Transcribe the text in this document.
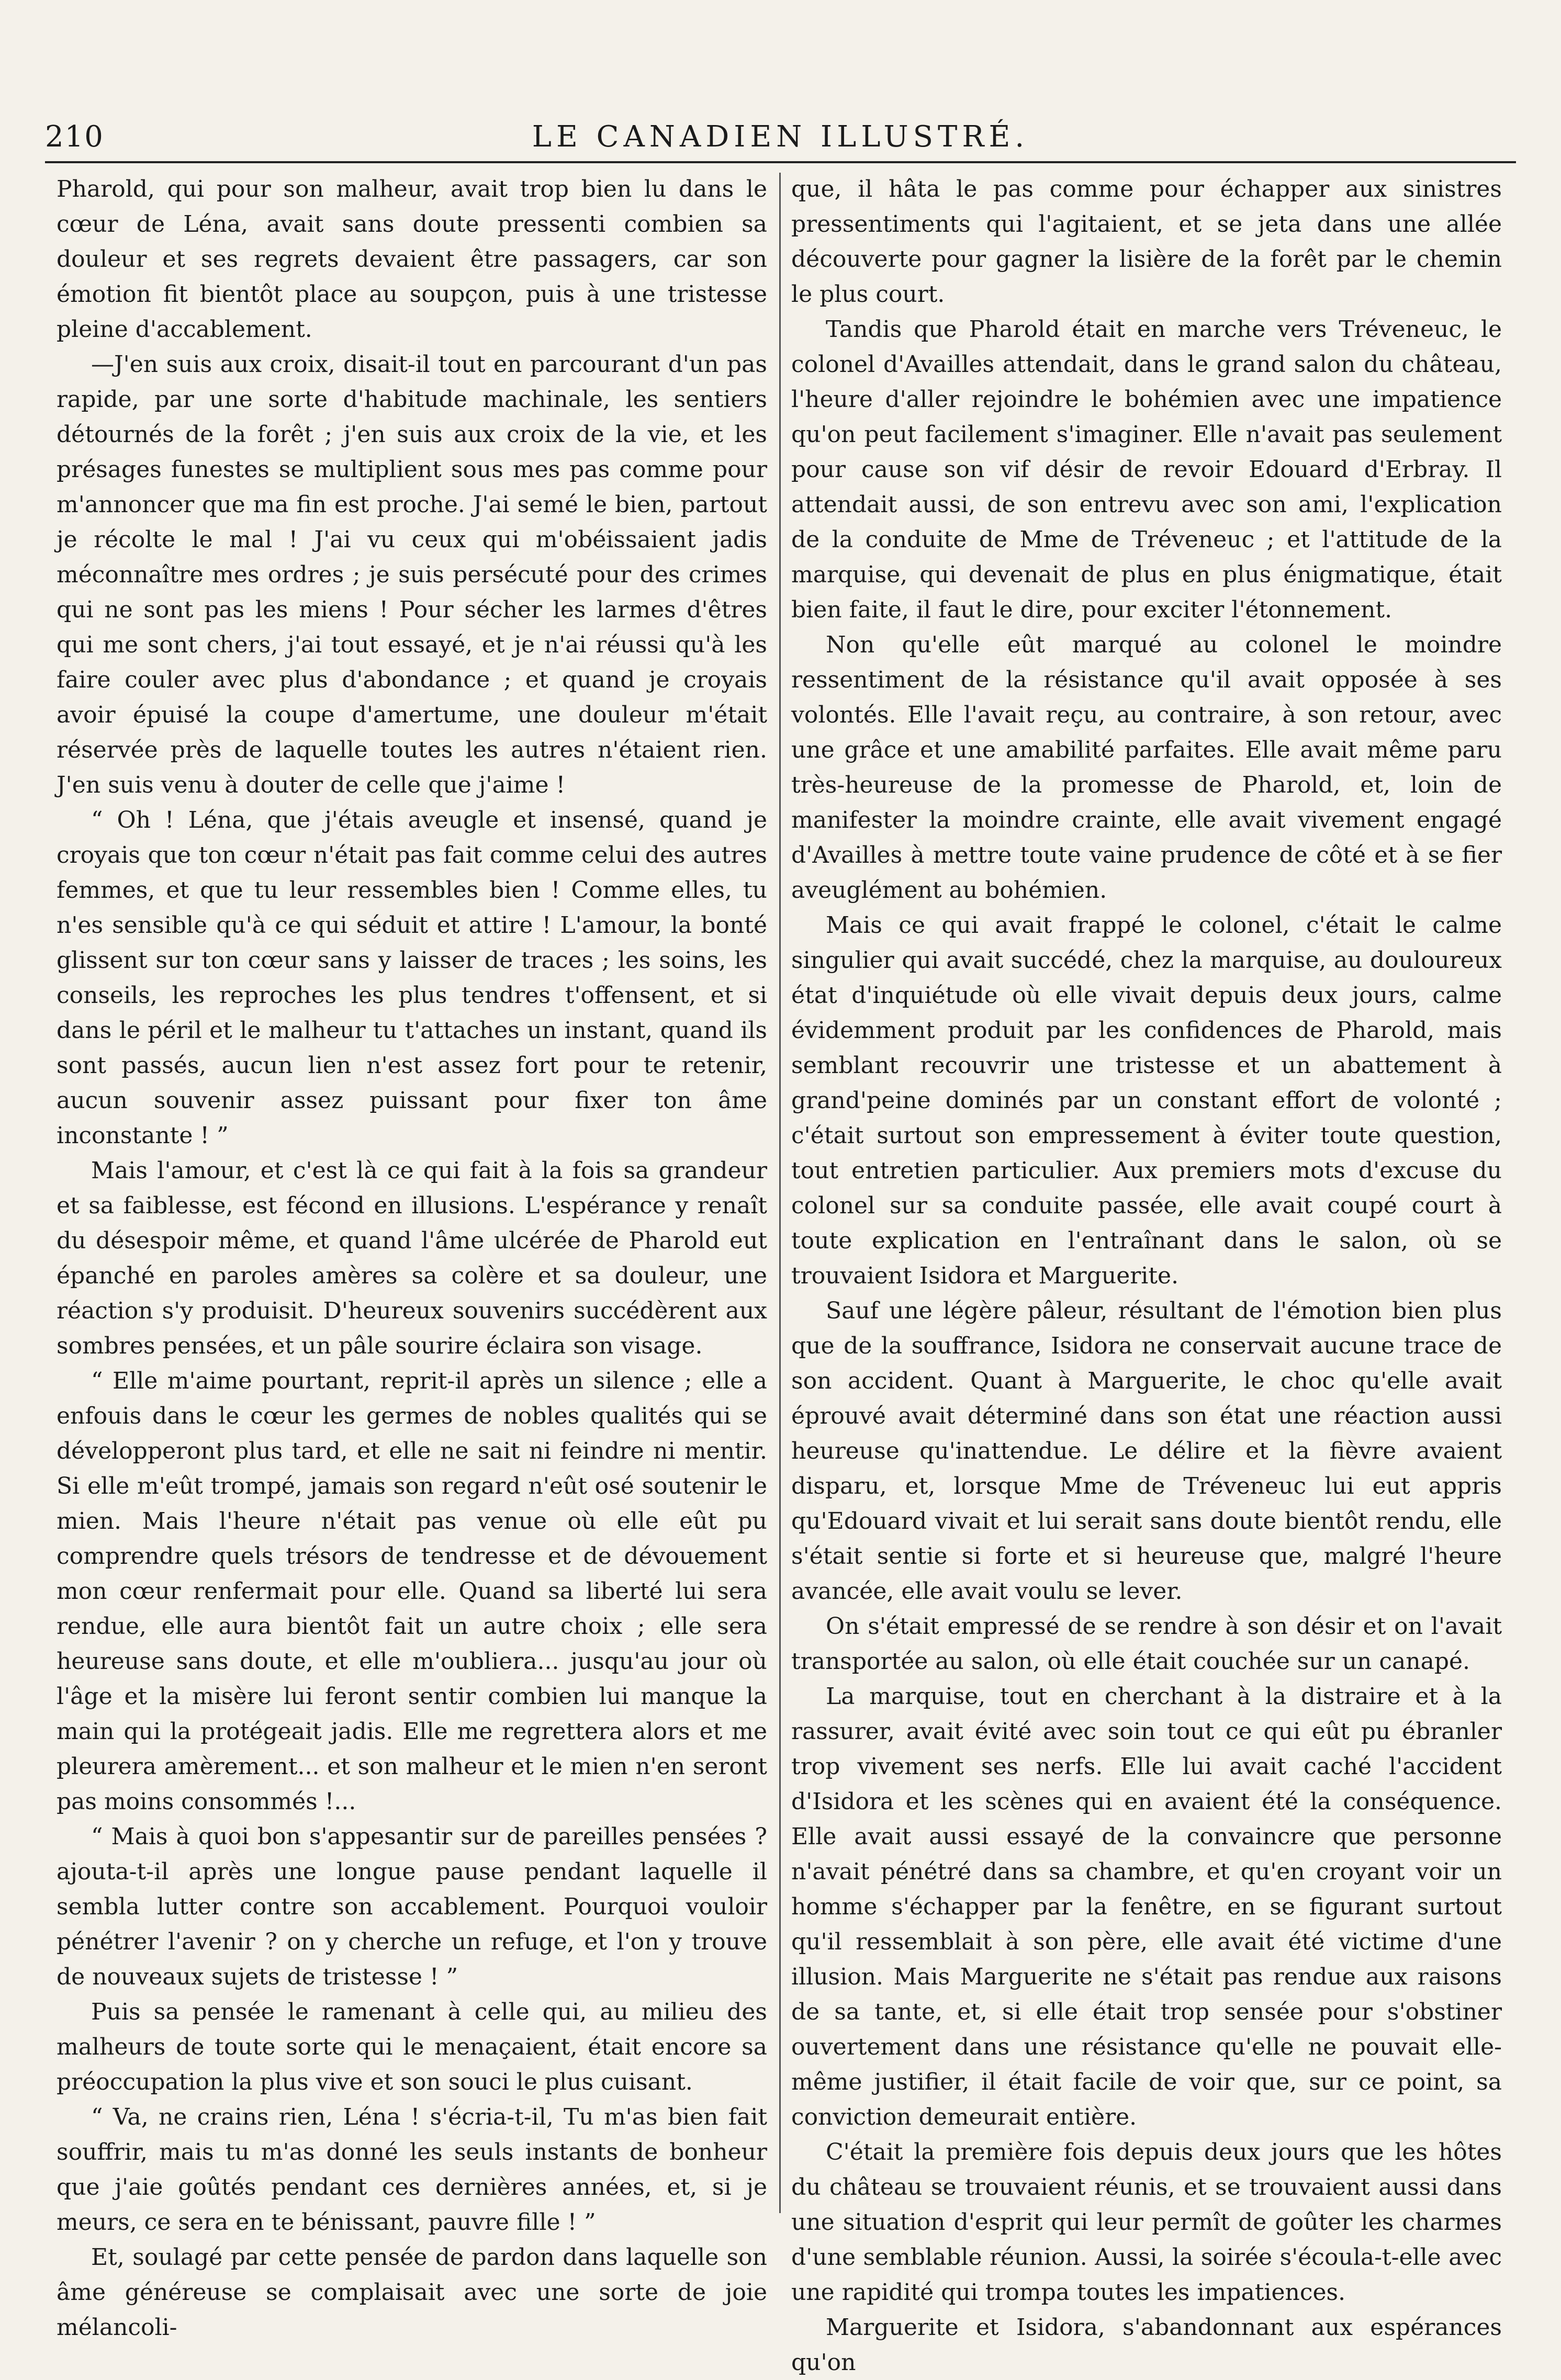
210	LE CANADIEN ILLUSTRÉ.

Pharold, qui pour son malheur, avait trop bien lu dans le cœur de Léna, avait sans doute pressenti combien sa douleur et ses regrets devaient être passagers, car son émotion fit bientôt place au soupçon, puis à une tristesse pleine d'accablement.

—J'en suis aux croix, disait-il tout en parcourant d'un pas rapide, par une sorte d'habitude machinale, les sentiers détournés de la forêt ; j'en suis aux croix de la vie, et les présages funestes se multiplient sous mes pas comme pour m'annoncer que ma fin est proche. J'ai semé le bien, partout je récolte le mal ! J'ai vu ceux qui m'obéissaient jadis méconnaître mes ordres ; je suis persécuté pour des crimes qui ne sont pas les miens ! Pour sécher les larmes d'êtres qui me sont chers, j'ai tout essayé, et je n'ai réussi qu'à les faire couler avec plus d'abondance ; et quand je croyais avoir épuisé la coupe d'amertume, une douleur m'était réservée près de laquelle toutes les autres n'étaient rien. J'en suis venu à douter de celle que j'aime !

“ Oh ! Léna, que j'étais aveugle et insensé, quand je croyais que ton cœur n'était pas fait comme celui des autres femmes, et que tu leur ressembles bien ! Comme elles, tu n'es sensible qu'à ce qui séduit et attire ! L'amour, la bonté glissent sur ton cœur sans y laisser de traces ; les soins, les conseils, les reproches les plus tendres t'offensent, et si dans le péril et le malheur tu t'attaches un instant, quand ils sont passés, aucun lien n'est assez fort pour te retenir, aucun souvenir assez puissant pour fixer ton âme inconstante ! ”

Mais l'amour, et c'est là ce qui fait à la fois sa grandeur et sa faiblesse, est fécond en illusions. L'espérance y renaît du désespoir même, et quand l'âme ulcérée de Pharold eut épanché en paroles amères sa colère et sa douleur, une réaction s'y produisit. D'heureux souvenirs succédèrent aux sombres pensées, et un pâle sourire éclaira son visage.

“ Elle m'aime pourtant, reprit-il après un silence ; elle a enfouis dans le cœur les germes de nobles qualités qui se développeront plus tard, et elle ne sait ni feindre ni mentir. Si elle m'eût trompé, jamais son regard n'eût osé soutenir le mien. Mais l'heure n'était pas venue où elle eût pu comprendre quels trésors de tendresse et de dévouement mon cœur renfermait pour elle. Quand sa liberté lui sera rendue, elle aura bientôt fait un autre choix ; elle sera heureuse sans doute, et elle m'oubliera... jusqu'au jour où l'âge et la misère lui feront sentir combien lui manque la main qui la protégeait jadis. Elle me regrettera alors et me pleurera amèrement... et son malheur et le mien n'en seront pas moins consommés !...

“ Mais à quoi bon s'appesantir sur de pareilles pensées ? ajouta-t-il après une longue pause pendant laquelle il sembla lutter contre son accablement. Pourquoi vouloir pénétrer l'avenir ? on y cherche un refuge, et l'on y trouve de nouveaux sujets de tristesse ! ”

Puis sa pensée le ramenant à celle qui, au milieu des malheurs de toute sorte qui le menaçaient, était encore sa préoccupation la plus vive et son souci le plus cuisant.

“ Va, ne crains rien, Léna ! s'écria-t-il, Tu m'as bien fait souffrir, mais tu m'as donné les seuls instants de bonheur que j'aie goûtés pendant ces dernières années, et, si je meurs, ce sera en te bénissant, pauvre fille ! ”

Et, soulagé par cette pensée de pardon dans laquelle son âme généreuse se complaisait avec une sorte de joie mélancoli-

que, il hâta le pas comme pour échapper aux sinistres pressentiments qui l'agitaient, et se jeta dans une allée découverte pour gagner la lisière de la forêt par le chemin le plus court.

Tandis que Pharold était en marche vers Tréveneuc, le colonel d'Availles attendait, dans le grand salon du château, l'heure d'aller rejoindre le bohémien avec une impatience qu'on peut facilement s'imaginer. Elle n'avait pas seulement pour cause son vif désir de revoir Edouard d'Erbray. Il attendait aussi, de son entrevu avec son ami, l'explication de la conduite de Mme de Tréveneuc ; et l'attitude de la marquise, qui devenait de plus en plus énigmatique, était bien faite, il faut le dire, pour exciter l'étonnement.

Non qu'elle eût marqué au colonel le moindre ressentiment de la résistance qu'il avait opposée à ses volontés. Elle l'avait reçu, au contraire, à son retour, avec une grâce et une amabilité parfaites. Elle avait même paru très-heureuse de la promesse de Pharold, et, loin de manifester la moindre crainte, elle avait vivement engagé d'Availles à mettre toute vaine prudence de côté et à se fier aveuglément au bohémien.

Mais ce qui avait frappé le colonel, c'était le calme singulier qui avait succédé, chez la marquise, au douloureux état d'inquiétude où elle vivait depuis deux jours, calme évidemment produit par les confidences de Pharold, mais semblant recouvrir une tristesse et un abattement à grand'peine dominés par un constant effort de volonté ; c'était surtout son empressement à éviter toute question, tout entretien particulier. Aux premiers mots d'excuse du colonel sur sa conduite passée, elle avait coupé court à toute explication en l'entraînant dans le salon, où se trouvaient Isidora et Marguerite.

Sauf une légère pâleur, résultant de l'émotion bien plus que de la souffrance, Isidora ne conservait aucune trace de son accident. Quant à Marguerite, le choc qu'elle avait éprouvé avait déterminé dans son état une réaction aussi heureuse qu'inattendue. Le délire et la fièvre avaient disparu, et, lorsque Mme de Tréveneuc lui eut appris qu'Edouard vivait et lui serait sans doute bientôt rendu, elle s'était sentie si forte et si heureuse que, malgré l'heure avancée, elle avait voulu se lever.

On s'était empressé de se rendre à son désir et on l'avait transportée au salon, où elle était couchée sur un canapé.

La marquise, tout en cherchant à la distraire et à la rassurer, avait évité avec soin tout ce qui eût pu ébranler trop vivement ses nerfs. Elle lui avait caché l'accident d'Isidora et les scènes qui en avaient été la conséquence. Elle avait aussi essayé de la convaincre que personne n'avait pénétré dans sa chambre, et qu'en croyant voir un homme s'échapper par la fenêtre, en se figurant surtout qu'il ressemblait à son père, elle avait été victime d'une illusion. Mais Marguerite ne s'était pas rendue aux raisons de sa tante, et, si elle était trop sensée pour s'obstiner ouvertement dans une résistance qu'elle ne pouvait elle-même justifier, il était facile de voir que, sur ce point, sa conviction demeurait entière.

C'était la première fois depuis deux jours que les hôtes du château se trouvaient réunis, et se trouvaient aussi dans une situation d'esprit qui leur permît de goûter les charmes d'une semblable réunion. Aussi, la soirée s'écoula-t-elle avec une rapidité qui trompa toutes les impatiences.

Marguerite et Isidora, s'abandonnant aux espérances qu'on
